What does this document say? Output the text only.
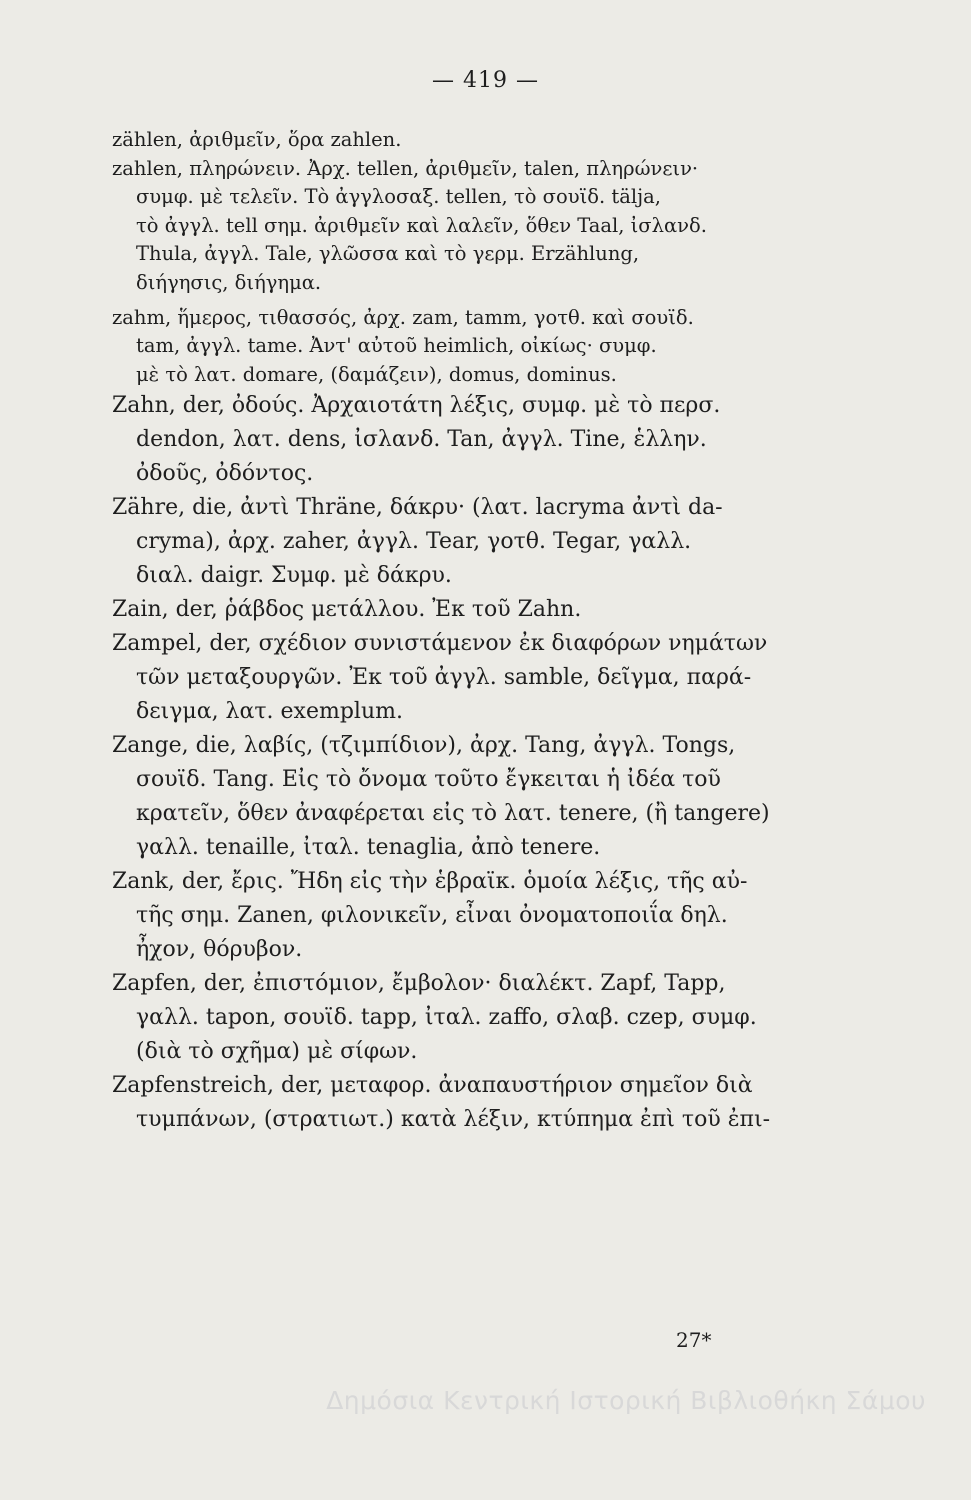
— 419 —
zählen, ἀριθμεῖν, ὅρα zahlen.
zahlen, πληρώνειν. Ἀρχ. tellen, ἀριθμεῖν, talen, πληρώνειν·
συμφ. μὲ τελεῖν. Τὸ ἀγγλοσαξ. tellen, τὸ σουϊδ. tälja,
τὸ ἀγγλ. tell σημ. ἀριθμεῖν καὶ λαλεῖν, ὅθεν Taal, ἰσλανδ.
Thula, ἀγγλ. Tale, γλῶσσα καὶ τὸ γερμ. Erzählung,
διήγησις, διήγημα.
zahm, ἥμερος, τιθασσός, ἀρχ. zam, tamm, γοτθ. καὶ σουϊδ.
tam, ἀγγλ. tame. Ἀντ' αὐτοῦ heimlich, οἰκίως· συμφ.
μὲ τὸ λατ. domare, (δαμάζειν), domus, dominus.
Zahn, der, ὀδούς. Ἀρχαιοτάτη λέξις, συμφ. μὲ τὸ περσ.
dendon, λατ. dens, ἰσλανδ. Tan, ἀγγλ. Tine, ἑλλην.
ὀδοῦς, ὀδόντος.
Zähre, die, ἀντὶ Thräne, δάκρυ· (λατ. lacryma ἀντὶ da-
cryma), ἀρχ. zaher, ἀγγλ. Tear, γοτθ. Tegar, γαλλ.
διαλ. daigr. Συμφ. μὲ δάκρυ.
Zain, der, ῥάβδος μετάλλου. Ἐκ τοῦ Zahn.
Zampel, der, σχέδιον συνιστάμενον ἐκ διαφόρων νημάτων
τῶν μεταξουργῶν. Ἐκ τοῦ ἀγγλ. samble, δεῖγμα, παρά-
δειγμα, λατ. exemplum.
Zange, die, λαβίς, (τζιμπίδιον), ἀρχ. Tang, ἀγγλ. Tongs,
σουϊδ. Tang. Εἰς τὸ ὄνομα τοῦτο ἔγκειται ἡ ἰδέα τοῦ
κρατεῖν, ὅθεν ἀναφέρεται εἰς τὸ λατ. tenere, (ἢ tangere)
γαλλ. tenaille, ἰταλ. tenaglia, ἀπὸ tenere.
Zank, der, ἔρις. Ἤδη εἰς τὴν ἑβραϊκ. ὁμοία λέξις, τῆς αὐ-
τῆς σημ. Zanen, φιλονικεῖν, εἶναι ὀνοματοποιΐα δηλ.
ἦχον, θόρυβον.
Zapfen, der, ἐπιστόμιον, ἔμβολον· διαλέκτ. Zapf, Tapp,
γαλλ. tapon, σουϊδ. tapp, ἰταλ. zaffo, σλαβ. czep, συμφ.
(διὰ τὸ σχῆμα) μὲ σίφων.
Zapfenstreich, der, μεταφορ. ἀναπαυστήριον σημεῖον διὰ
τυμπάνων, (στρατιωτ.) κατὰ λέξιν, κτύπημα ἐπὶ τοῦ ἐπι-
27*
Δημόσια Κεντρική Ιστορική Βιβλιοθήκη Σάμου
